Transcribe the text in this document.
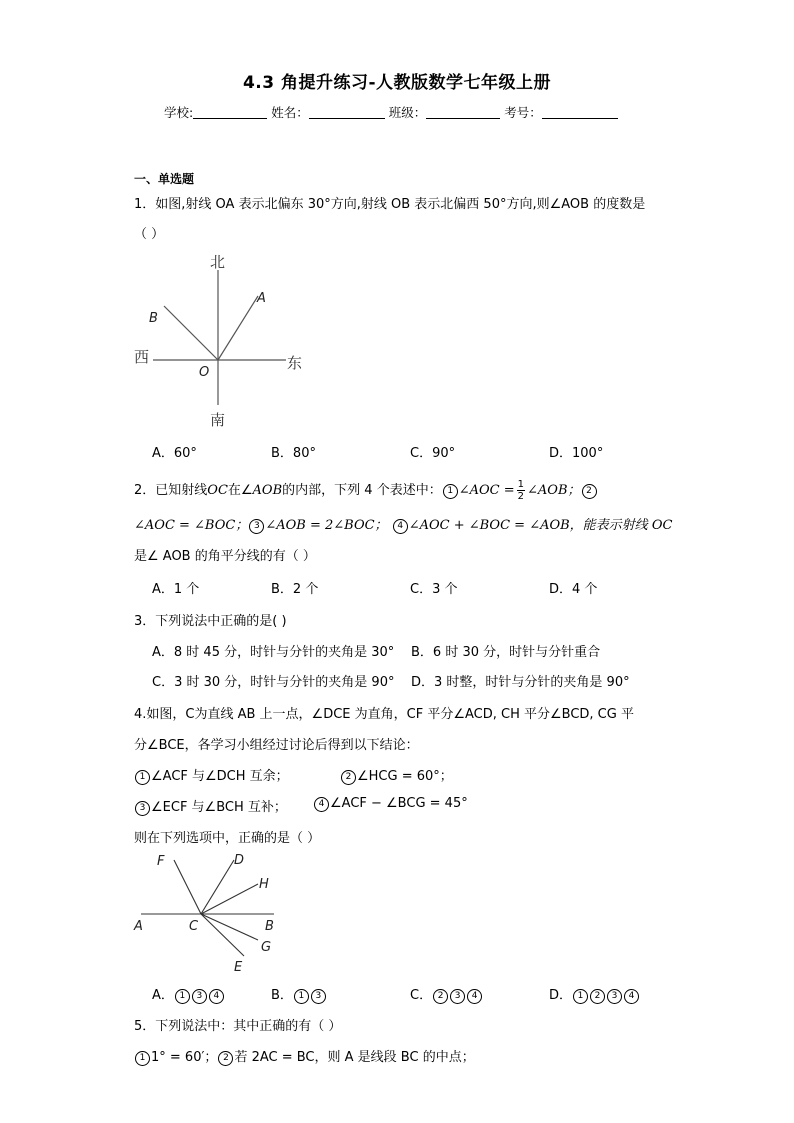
4.3 角提升练习-人教版数学七年级上册
学校:	姓名：	班级：	考号：
一、单选题
1．如图,射线 OA 表示北偏东 30°方向,射线 OB 表示北偏西 50°方向,则∠AOB 的度数是
（ ）
北
南
西	东
A
B
O
A．60°	B．80°	C．90°	D．100°
2．已知射线OC在∠AOB的内部，下列 4 个表述中： 1 ∠AOC = $\frac{1}{2}$ ∠AOB； 2
∠AOC = ∠BOC； 3 ∠AOB = 2∠BOC； 4 ∠AOC + ∠BOC = ∠AOB，能表示射线 OC
是∠ AOB 的角平分线的有（ ）
A．1 个	B．2 个	C．3 个	D．4 个
3．下列说法中正确的是( )
A．8 时 45 分，时针与分针的夹角是 30° B．6 时 30 分，时针与分针重合
C．3 时 30 分，时针与分针的夹角是 90° D．3 时整，时针与分针的夹角是 90°
4.如图，C为直线 AB 上一点，∠DCE 为直角，CF 平分∠ACD, CH 平分∠BCD, CG 平
分∠BCE，各学习小组经过讨论后得到以下结论：
1 ∠ACF 与∠DCH 互余；	2 ∠HCG = 60°；
3 ∠ECF 与∠BCH 互补；	4 ∠ACF − ∠BCG = 45°
则在下列选项中，正确的是（ ）
F	D
H
A	C	B
G
E
A． 1 3 4	B． 1 3	C． 2 3 4	D． 1 2 3 4
5．下列说法中：其中正确的有（ ）
1 1° = 60′； 2 若 2AC = BC，则 A 是线段 BC 的中点；
